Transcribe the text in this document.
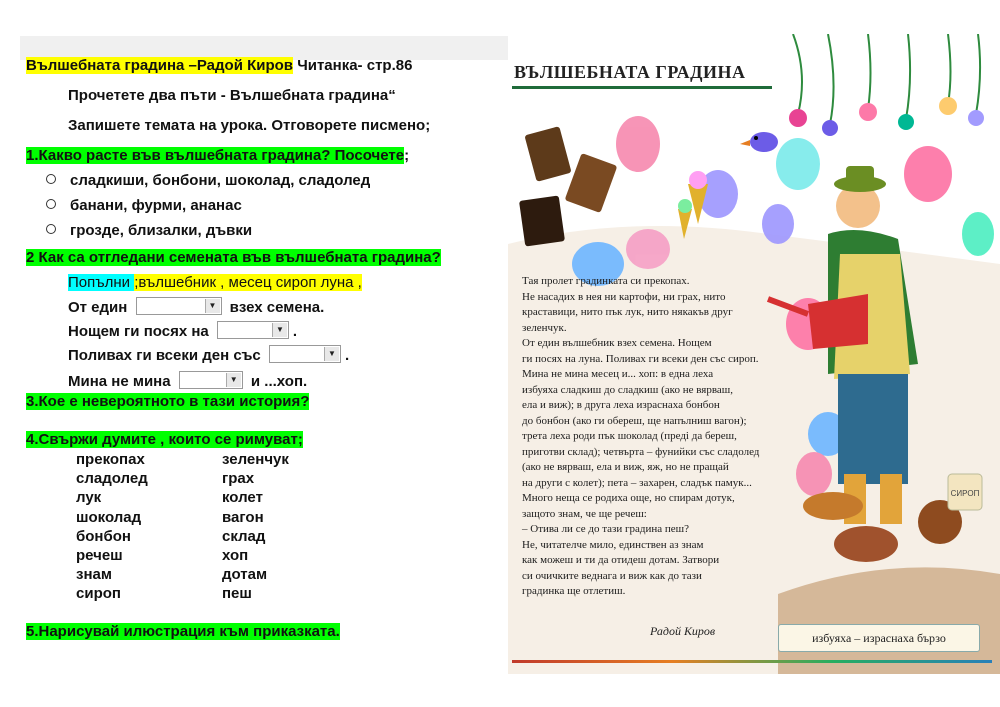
Вълшебната градина –Радой Киров Читанка- стр.86
Прочетете два пъти - Вълшебната градина“
Запишете темата на урока. Отговорете писмено;
1.Какво расте във вълшебната градина? Посочете;
сладкиши, бонбони, шоколад, сладолед
банани, фурми, ананас
грозде, близалки, дъвки
2 Как са отгледани семената във вълшебната градина?
Попълни ;вълшебник , месец сироп луна ,
От един	▼ взех семена.
Нощем ги посях на	▼ .
Поливах ги всеки ден със	▼ .
Мина не мина	▼ и ...хоп.
3.Кое е невероятното в тази история?
4.Свържи думите , които се римуват;
прекопах	зеленчук
сладолед	грах
лук	колет
шоколад	вагон
бонбон	склад
речеш	хоп
знам	дотам
сироп	пеш
5.Нарисувай илюстрация към приказката.
СИРОП
ВЪЛШЕБНАТА ГРАДИНА
Тая пролет градинката си прекопах.
Не насадих в нея ни картофи, ни грах, нито
краставици, нито пък лук, нито някакъв друг
зеленчук.
От един вълшебник взех семена. Нощем
ги посях на луна. Поливах ги всеки ден със сироп.
Мина не мина месец и... хоп: в една леха
избуяха сладкиш до сладкиш (ако не вярваш,
ела и виж); в друга леха израснаха бонбон
до бонбон (ако ги обереш, ще напълниш вагон);
трета леха роди пък шоколад (предi да береш,
приготви склад); четвърта – фунийки със сладолед
(ако не вярваш, ела и виж, яж, но не пращай
на други с колет); пета – захарен, сладък памук...
Много неща се родиха още, но спирам дотук,
защото знам, че ще речеш:
– Отива ли се до тази градина пеш?
Не, читателче мило, единствен аз знам
как можеш и ти да отидеш дотам. Затвори
си очичките веднага и виж как до тази
градинка ще отлетиш.
Радой Киров	избуяха – израснаха бързо
